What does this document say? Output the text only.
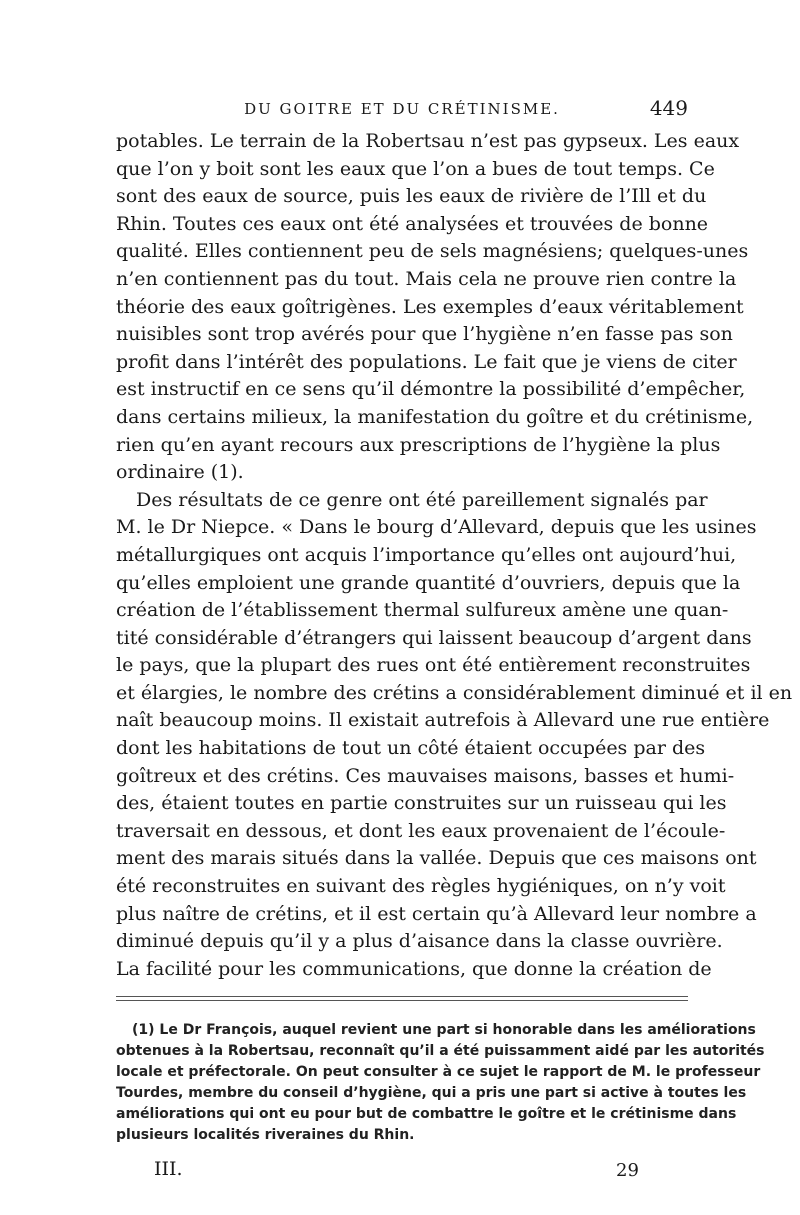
DU GOITRE ET DU CRÉTINISME.	449
potables. Le terrain de la Robertsau n’est pas gypseux. Les eaux
que l’on y boit sont les eaux que l’on a bues de tout temps. Ce
sont des eaux de source, puis les eaux de rivière de l’Ill et du
Rhin. Toutes ces eaux ont été analysées et trouvées de bonne
qualité. Elles contiennent peu de sels magnésiens; quelques-unes
n’en contiennent pas du tout. Mais cela ne prouve rien contre la
théorie des eaux goîtrigènes. Les exemples d’eaux véritablement
nuisibles sont trop avérés pour que l’hygiène n’en fasse pas son
profit dans l’intérêt des populations. Le fait que je viens de citer
est instructif en ce sens qu’il démontre la possibilité d’empêcher,
dans certains milieux, la manifestation du goître et du crétinisme,
rien qu’en ayant recours aux prescriptions de l’hygiène la plus
ordinaire (1).
Des résultats de ce genre ont été pareillement signalés par
M. le Dr Niepce. « Dans le bourg d’Allevard, depuis que les usines
métallurgiques ont acquis l’importance qu’elles ont aujourd’hui,
qu’elles emploient une grande quantité d’ouvriers, depuis que la
création de l’établissement thermal sulfureux amène une quan-
tité considérable d’étrangers qui laissent beaucoup d’argent dans
le pays, que la plupart des rues ont été entièrement reconstruites
et élargies, le nombre des crétins a considérablement diminué et il en
naît beaucoup moins. Il existait autrefois à Allevard une rue entière
dont les habitations de tout un côté étaient occupées par des
goîtreux et des crétins. Ces mauvaises maisons, basses et humi-
des, étaient toutes en partie construites sur un ruisseau qui les
traversait en dessous, et dont les eaux provenaient de l’écoule-
ment des marais situés dans la vallée. Depuis que ces maisons ont
été reconstruites en suivant des règles hygiéniques, on n’y voit
plus naître de crétins, et il est certain qu’à Allevard leur nombre a
diminué depuis qu’il y a plus d’aisance dans la classe ouvrière.
La facilité pour les communications, que donne la création de
(1) Le Dr François, auquel revient une part si honorable dans les améliorations
obtenues à la Robertsau, reconnaît qu’il a été puissamment aidé par les autorités
locale et préfectorale. On peut consulter à ce sujet le rapport de M. le professeur
Tourdes, membre du conseil d’hygiène, qui a pris une part si active à toutes les
améliorations qui ont eu pour but de combattre le goître et le crétinisme dans
plusieurs localités riveraines du Rhin.
III.	29
